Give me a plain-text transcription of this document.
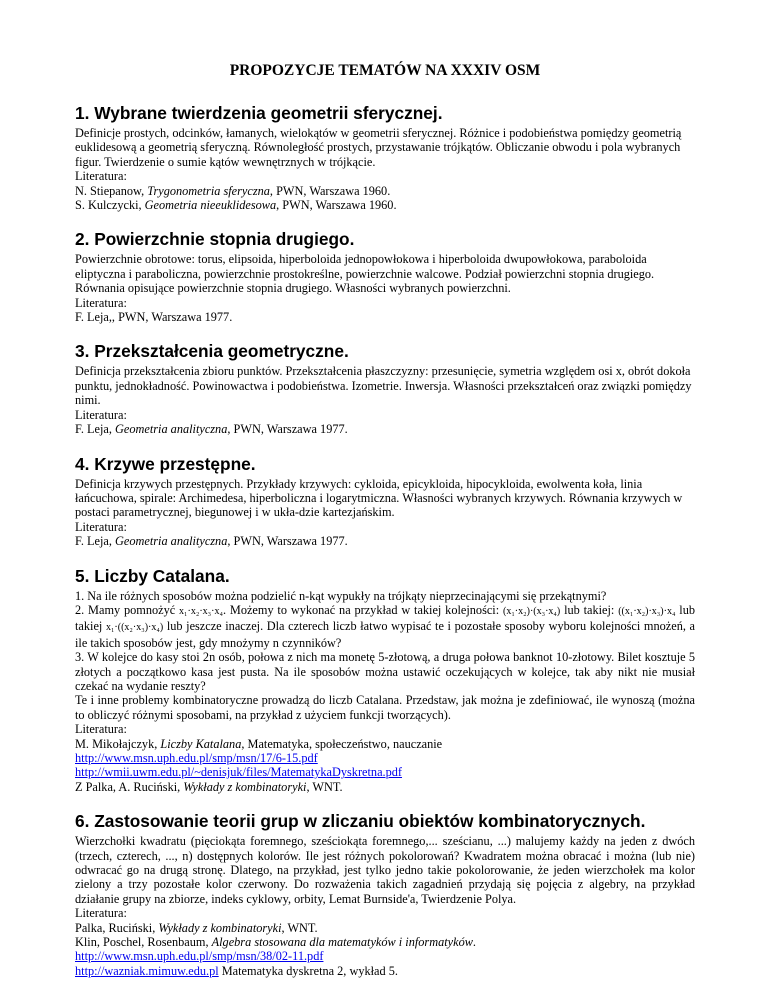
PROPOZYCJE TEMATÓW NA XXXIV OSM
1. Wybrane twierdzenia geometrii sferycznej.

Definicje prostych, odcinków, łamanych, wielokątów w geometrii sferycznej. Różnice i podobieństwa pomiędzy geometrią euklidesową a geometrią sferyczną. Równoległość prostych, przystawanie trójkątów. Obliczanie obwodu i pola wybranych figur. Twierdzenie o sumie kątów wewnętrznych w trójkącie.

Literatura:

N. Stiepanow, Trygonometria sferyczna, PWN, Warszawa 1960.

S. Kulczycki, Geometria nieeuklidesowa, PWN, Warszawa 1960.

2. Powierzchnie stopnia drugiego.

Powierzchnie obrotowe: torus, elipsoida, hiperboloida jednopowłokowa i hiperboloida dwupowłokowa, paraboloida eliptyczna i paraboliczna, powierzchnie prostokreślne, powierzchnie walcowe. Podział powierzchni stopnia drugiego. Równania opisujące powierzchnie stopnia drugiego. Własności wybranych powierzchni.

Literatura:

F. Leja,, PWN, Warszawa 1977.

3. Przekształcenia geometryczne.

Definicja przekształcenia zbioru punktów. Przekształcenia płaszczyzny: przesunięcie, symetria względem osi x, obrót dokoła punktu, jednokładność. Powinowactwa i podobieństwa. Izometrie. Inwersja. Własności przekształceń oraz związki pomiędzy nimi.

Literatura:

F. Leja, Geometria analityczna, PWN, Warszawa 1977.

4. Krzywe przestępne.

Definicja krzywych przestępnych. Przykłady krzywych: cykloida, epicykloida, hipocykloida, ewolwenta koła, linia łańcuchowa, spirale: Archimedesa, hiperboliczna i logarytmiczna. Własności wybranych krzywych. Równania krzywych w postaci parametrycznej, biegunowej i w ukła-dzie kartezjańskim.

Literatura:

F. Leja, Geometria analityczna, PWN, Warszawa 1977.

5. Liczby Catalana.

1. Na ile różnych sposobów można podzielić n-kąt wypukły na trójkąty nieprzecinającymi się przekątnymi?

2. Mamy pomnożyć x₁·x₂·x₃·x₄. Możemy to wykonać na przykład w takiej kolejności: (x₁·x₂)·(x₃·x₄) lub takiej: ((x₁·x₂)·x₃)·x₄ lub takiej x₁·((x₂·x₃)·x₄) lub jeszcze inaczej. Dla czterech liczb łatwo wypisać te i pozostałe sposoby wyboru kolejności mnożeń, a ile takich sposobów jest, gdy mnożymy n czynników?

3. W kolejce do kasy stoi 2n osób, połowa z nich ma monetę 5-złotową, a druga połowa banknot 10-złotowy. Bilet kosztuje 5 złotych a początkowo kasa jest pusta. Na ile sposobów można ustawić oczekujących w kolejce, tak aby nikt nie musiał czekać na wydanie reszty?

Te i inne problemy kombinatoryczne prowadzą do liczb Catalana. Przedstaw, jak można je zdefiniować, ile wynoszą (można to obliczyć różnymi sposobami, na przykład z użyciem funkcji tworzących).

Literatura:

M. Mikołajczyk, Liczby Katalana, Matematyka, społeczeństwo, nauczanie

http://www.msn.uph.edu.pl/smp/msn/17/6-15.pdf

http://wmii.uwm.edu.pl/~denisjuk/files/MatematykaDyskretna.pdf

Z Palka, A. Ruciński, Wykłady z kombinatoryki, WNT.

6. Zastosowanie teorii grup w zliczaniu obiektów kombinatorycznych.

Wierzchołki kwadratu (pięciokąta foremnego, sześciokąta foremnego,... sześcianu, ...) malujemy każdy na jeden z dwóch (trzech, czterech, ..., n) dostępnych kolorów. Ile jest różnych pokolorowań? Kwadratem można obracać i można (lub nie) odwracać go na drugą stronę. Dlatego, na przykład, jest tylko jedno takie pokolorowanie, że jeden wierzchołek ma kolor zielony a trzy pozostałe kolor czerwony. Do rozważenia takich zagadnień przydają się pojęcia z algebry, na przykład działanie grupy na zbiorze, indeks cyklowy, orbity, Lemat Burnside'a, Twierdzenie Polya.

Literatura:

Palka, Ruciński, Wykłady z kombinatoryki, WNT.

Klin, Poschel, Rosenbaum, Algebra stosowana dla matematyków i informatyków.

http://www.msn.uph.edu.pl/smp/msn/38/02-11.pdf

http://wazniak.mimuw.edu.pl Matematyka dyskretna 2, wykład 5.
